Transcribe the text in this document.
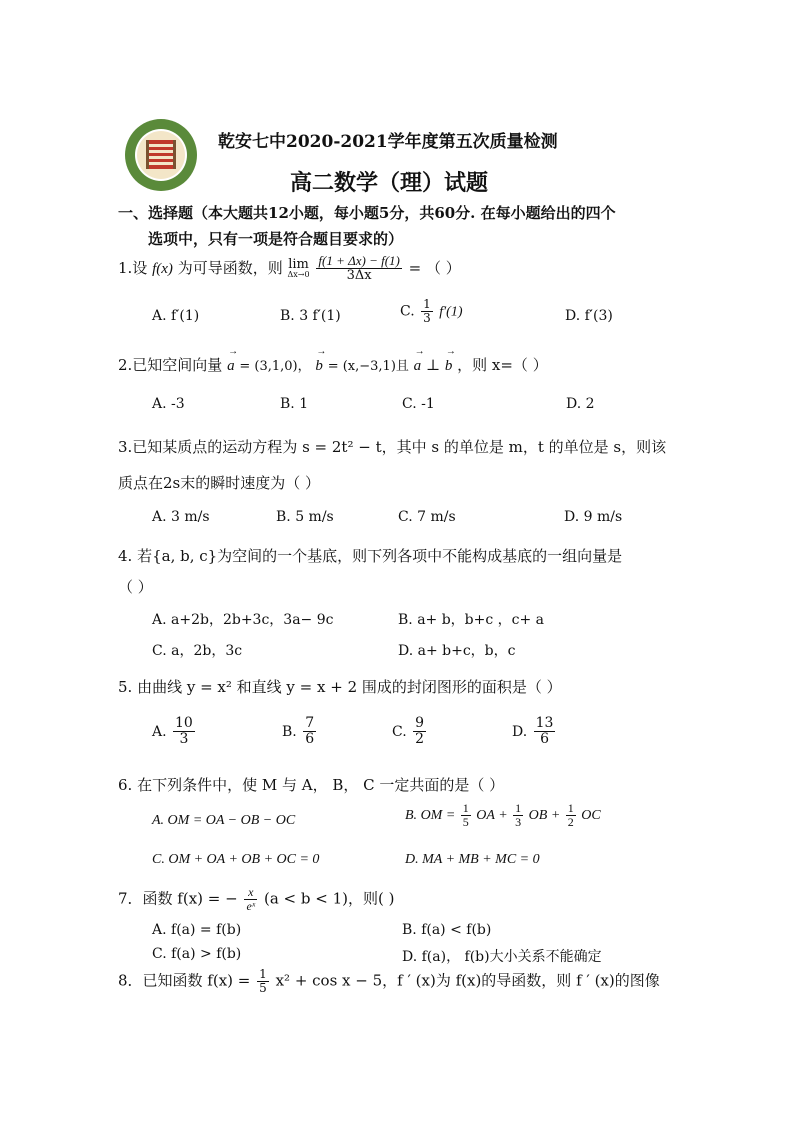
乾安七中2020-2021学年度第五次质量检测
高二数学（理）试题
一、选择题（本大题共12小题，每小题5分，共60分. 在每小题给出的四个
选项中，只有一项是符合题目要求的）
1.设 f(x) 为可导函数，则 lim
Δx→0
$\frac{f(1 + \Delta x) - f(1)}{3\Delta x}$ = （ ）
A. f′(1)	B. 3 f′(1)	C. $\frac{1}{3} f'(1)$	D. f′(3)
2.已知空间向量 a → = (3,1,0)， b → = (x,−3,1)且 a → ⊥ b → ，则 x=（ ）
A. -3	B. 1	C. -1	D. 2
3.已知某质点的运动方程为 s = 2t² − t，其中 s 的单位是 m，t 的单位是 s，则该
质点在2s末的瞬时速度为（ ）
A. 3 m/s	B. 5 m/s	C. 7 m/s	D. 9 m/s
4. 若{a, b, c}为空间的一个基底，则下列各项中不能构成基底的一组向量是
（ ）
A. a+2b，2b+3c，3a− 9c	B. a+ b，b+c ，c+ a
C. a，2b，3c	D. a+ b+c，b，c
5. 由曲线 y = x² 和直线 y = x + 2 围成的封闭图形的面积是（ ）
A. $\frac{10}{3}$	B. $\frac{7}{6}$	C. $\frac{9}{2}$	D. $\frac{13}{6}$
6. 在下列条件中，使 M 与 A， B， C 一定共面的是（ ）
A. OM = OA − OB − OC	B. OM = $\frac{1}{5}$ OA + $\frac{1}{3}$ OB + $\frac{1}{2}$ OC
C. OM + OA + OB + OC = 0	D. MA + MB + MC = 0
7．函数 f(x) = − $\frac{x}{\text{eˣ}} (a < b < 1)$，则( )
A. f(a) = f(b)	B. f(a) < f(b)
C. f(a) > f(b)	D. f(a)， f(b)大小关系不能确定
8．已知函数 $f(x) = \frac{1}{5} x^2 + \cos x - 5$，f ′ (x)为 f(x)的导函数，则 f ′ (x)的图像
